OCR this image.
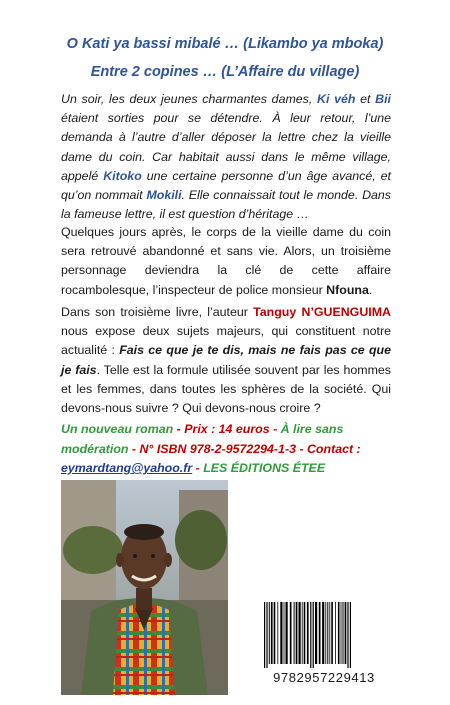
O Kati ya bassi mibalé … (Likambo ya mboka)
Entre 2 copines … (L’Affaire du village)
Un soir, les deux jeunes charmantes dames, Ki véh et Bii étaient sorties pour se détendre. À leur retour, l’une demanda à l’autre d’aller déposer la lettre chez la vieille dame du coin. Car habitait aussi dans le même village, appelé Kitoko une certaine personne d’un âge avancé, et qu’on nommait Mokili. Elle connaissait tout le monde. Dans la fameuse lettre, il est question d’héritage …
Quelques jours après, le corps de la vieille dame du coin sera retrouvé abandonné et sans vie. Alors, un troisième personnage deviendra la clé de cette affaire rocambolesque, l’inspecteur de police monsieur Nfouna.
Dans son troisième livre, l’auteur Tanguy N’GUENGUIMA nous expose deux sujets majeurs, qui constituent notre actualité : Fais ce que je te dis, mais ne fais pas ce que je fais. Telle est la formule utilisée souvent par les hommes et les femmes, dans toutes les sphères de la société. Qui devons-nous suivre ? Qui devons-nous croire ?
Un nouveau roman - Prix : 14 euros - À lire sans modération - N° ISBN 978-2-9572294-1-3 - Contact :
eymardtang@yahoo.fr - LES ÉDITIONS ÉTEE
9782957229413
